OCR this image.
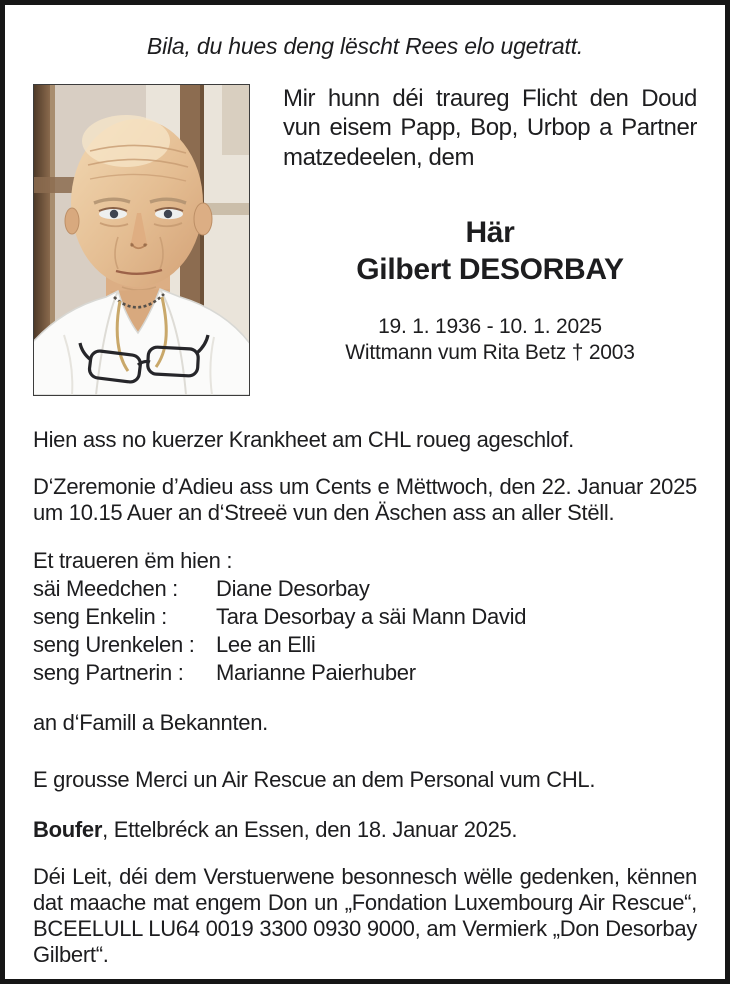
Bila, du hues deng lëscht Rees elo ugetratt.

Mir hunn déi traureg Flicht den Doud vun eisem Papp, Bop, Urbop a Partner matzedeelen, dem

Här
Gilbert DESORBAY
19. 1. 1936 - 10. 1. 2025
Wittmann vum Rita Betz † 2003

Hien ass no kuerzer Krankheet am CHL roueg ageschlof.

D‘Zeremonie d’Adieu ass um Cents e Mëttwoch, den 22. Januar 2025 um 10.15 Auer an d‘Streeë vun den Äschen ass an aller Stëll.

Et traueren ëm hien :

säi Meedchen :	Diane Desorbay
seng Enkelin :	Tara Desorbay a säi Mann David
seng Urenkelen : Lee an Elli
seng Partnerin :	Marianne Paierhuber

an d‘Famill a Bekannten.

E grousse Merci un Air Rescue an dem Personal vum CHL.

Boufer, Ettelbréck an Essen, den 18. Januar 2025.

Déi Leit, déi dem Verstuerwene besonnesch wëlle gedenken, kënnen dat maache mat engem Don un „Fondation Luxembourg Air Rescue“, BCEELULL LU64 0019 3300 0930 9000, am Vermierk „Don Desorbay Gilbert“.
